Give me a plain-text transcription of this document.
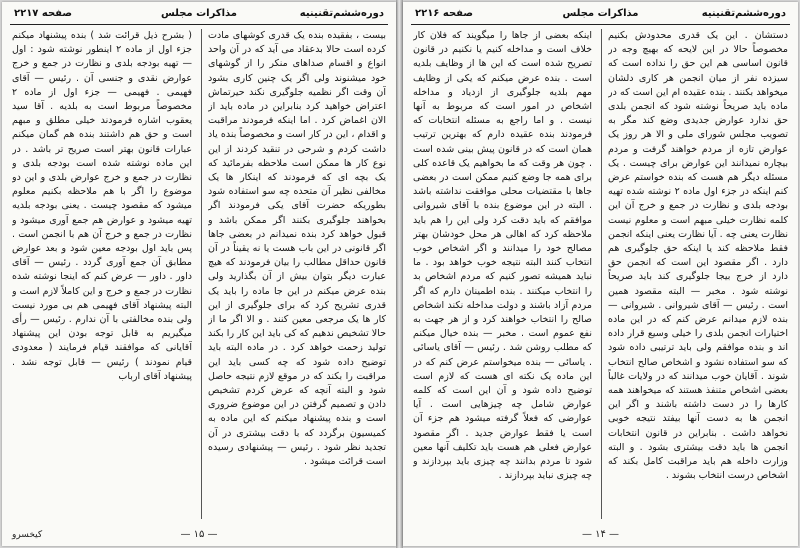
دوره‌ششم‌تقنینیه
مذاکرات مجلس
صفحه ۲۲۱۷

بیست ، بفقیده بنده یک قدری کوشهای مادت کرده است حالا بدعقاد می آید که در آن واحد انواع و اقسام صداهای منکر را از گوشهای خود میشنوند ولی اگر یک چنین کاری بشود آن وقت اگر نظمیه جلوگیری نکند حیرتماش اعتراض خواهید کرد بنابراین در ماده باید از الان اغماض کرد . اما اینکه فرمودند مراقبت و اقدام ، این در کار است و مخصوصاً بنده یاد داشت کردم و شرحی در تنقید کردند از این نوع کار ها ممکن است ملاحظه بفرمائید که یک بچه ای که فرمودند که اینکار ها یک مخالفی نظیر آن متحده چه سو استفاده شود بطوریکه حضرت آقای یکی فرمودند اگر بخواهند جلوگیری بکنند اگر ممکن باشد و قبول خواهد کرد بنده نمیدانم در بعضی جاها اگر قانونی در این باب هست یا نه یقیناً در آن قانون حداقل مطالب را بیان فرمودند که هیچ عبارت دیگر بتوان بیش از آن بگذارید ولی بنده عرض میکنم در این جا ماده را باید یک قدری تشریح کرد که برای جلوگیری از این کار ها یک مرجعی معین کنند . و الا اگر ما از حالا تشخیص ندهیم که کی باید این کار را بکند تولید زحمت خواهد کرد . در ماده البته باید توضیح داده شود که چه کسی باید این مراقبت را بکند که در موقع لازم نتیجه حاصل شود و البته آنچه که عرض کردم تشخیص دادن و تصمیم گرفتن در این موضوع ضروری است و بنده پیشنهاد میکنم که این ماده به کمیسیون برگردد که با دقت بیشتری در آن تجدید نظر شود . رئیس — پیشنهادی رسیده است قرائت میشود .

( بشرح ذیل قرائت شد ) بنده پیشنهاد میکنم جزء اول از ماده ۲ اینطور نوشته شود : اول — تهیه بودجه بلدی و نظارت در جمع و خرج عوارض نقدی و جنسی آن . رئیس — آقای فهیمی . فهیمی — جزء اول از ماده ۲ مخصوصاً مربوط است به بلدیه . آقا سید یعقوب اشاره فرمودند خیلی مطلق و مبهم است و حق هم داشتند بنده هم گمان میکنم عبارات قانون بهتر است صریح تر باشد . در این ماده نوشته شده است بودجه بلدی و نظارت در جمع و خرج عوارض بلدی و این دو موضوع را اگر با هم ملاحظه بکنیم معلوم میشود که مقصود چیست . یعنی بودجه بلدیه تهیه میشود و عوارض هم جمع آوری میشود و نظارت در جمع و خرج آن هم با انجمن است . پس باید اول بودجه معین شود و بعد عوارض مطابق آن جمع آوری گردد . رئیس — آقای داور . داور — عرض کنم که اینجا نوشته شده نظارت در جمع و خرج و این کاملاً لازم است و البته پیشنهاد آقای فهیمی هم بی مورد نیست ولی بنده مخالفتی با آن ندارم . رئیس — رأی میگیریم به قابل توجه بودن این پیشنهاد آقایانی که موافقند قیام فرمایند ( معدودی قیام نمودند ) رئیس — قابل توجه نشد . پیشنهاد آقای ارباب

— ۱۵ —
کیخسرو
دوره‌ششم‌تقنینیه
مذاکرات مجلس
صفحه ۲۲۱۶

دستشان . این یک قدری محدودش بکنیم مخصوصاً حالا در این لایحه که بهیچ وجه در قانون اساسی هم این حق را نداده است که سیزده نفر از میان انجمن هر کاری دلشان میخواهد بکنند . بنده عقیده ام این است که در ماده باید صریحاً نوشته شود که انجمن بلدی حق ندارد عوارض جدیدی وضع کند مگر به تصویب مجلس شورای ملی و الا هر روز یک عوارض تازه از مردم خواهند گرفت و مردم بیچاره نمیدانند این عوارض برای چیست . یک مسئله دیگر هم هست که بنده خواستم عرض کنم اینکه در جزء اول ماده ۲ نوشته شده تهیه بودجه بلدی و نظارت در جمع و خرج آن این کلمه نظارت خیلی مبهم است و معلوم نیست نظارت یعنی چه . آیا نظارت یعنی اینکه انجمن فقط ملاحظه کند یا اینکه حق جلوگیری هم دارد . اگر مقصود این است که انجمن حق دارد از خرج بیجا جلوگیری کند باید صریحاً نوشته شود . مخبر — البته مقصود همین است . رئیس — آقای شیروانی . شیروانی — بنده لازم میدانم عرض کنم که در این ماده اختیارات انجمن بلدی را خیلی وسیع قرار داده اند و بنده موافقم ولی باید ترتیبی داده شود که سو استفاده نشود و اشخاص صالح انتخاب شوند . آقایان خوب میدانند که در ولایات غالباً بعضی اشخاص متنفذ هستند که میخواهند همه کارها را در دست داشته باشند و اگر این انجمن ها به دست آنها بیفتد نتیجه خوبی نخواهد داشت . بنابراین در قانون انتخابات انجمن ها باید دقت بیشتری بشود . و البته وزارت داخله هم باید مراقبت کامل بکند که اشخاص درست انتخاب بشوند .

اینکه بعضی از جاها را میگویند که فلان کار خلاف است و مداخله کنیم یا نکنیم در قانون تصریح شده است که این ها از وظایف بلدیه است . بنده عرض میکنم که یکی از وظایف مهم بلدیه جلوگیری از ازدیاد و مداخله اشخاص در امور است که مربوط به آنها نیست . و اما راجع به مسئله انتخابات که فرمودند بنده عقیده دارم که بهترین ترتیب همان است که در قانون پیش بینی شده است . چون هر وقت که ما بخواهیم یک قاعده کلی برای همه جا وضع کنیم ممکن است در بعضی جاها با مقتضیات محلی موافقت نداشته باشد . البته در این موضوع بنده با آقای شیروانی موافقم که باید دقت کرد ولی این را هم باید ملاحظه کرد که اهالی هر محل خودشان بهتر مصالح خود را میدانند و اگر اشخاص خوب انتخاب کنند البته نتیجه خوب خواهد بود . ما نباید همیشه تصور کنیم که مردم اشخاص بد را انتخاب میکنند . بنده اطمینان دارم که اگر مردم آزاد باشند و دولت مداخله نکند اشخاص صالح را انتخاب خواهند کرد و از هر جهت به نفع عموم است . مخبر — بنده خیال میکنم که مطلب روشن شد . رئیس — آقای یاسائی . یاسائی — بنده میخواستم عرض کنم که در این ماده یک نکته ای هست که لازم است توضیح داده شود و آن این است که کلمه عوارض شامل چه چیزهایی است . آیا عوارضی که فعلاً گرفته میشود هم جزء آن است یا فقط عوارض جدید . اگر مقصود عوارض فعلی هم هست باید تکلیف آنها معین شود تا مردم بدانند چه چیزی باید بپردازند و چه چیزی نباید بپردازند .

— ۱۴ —
